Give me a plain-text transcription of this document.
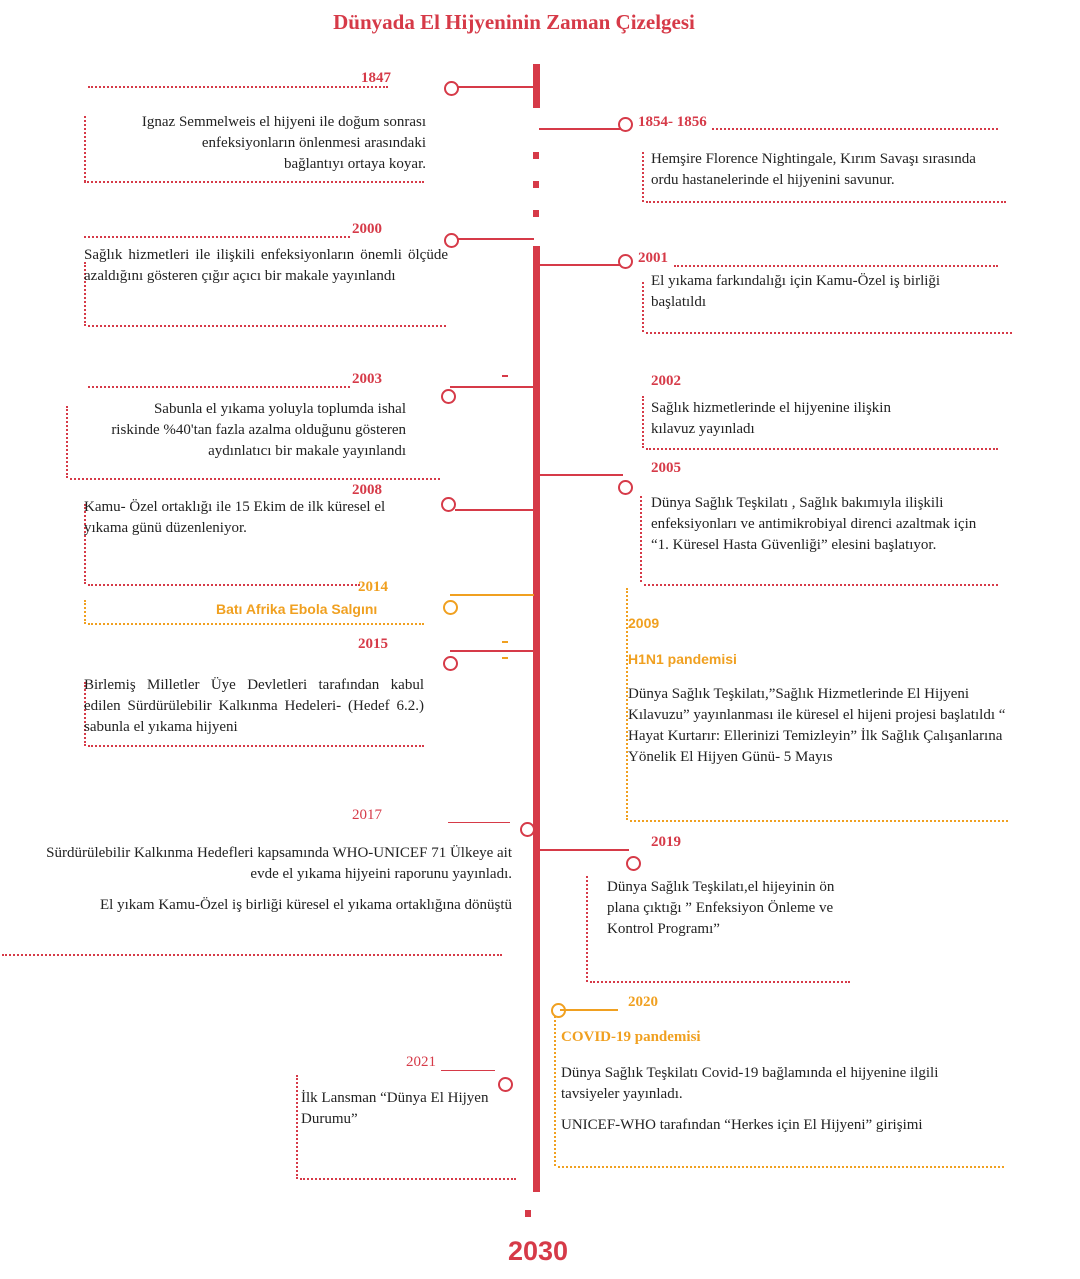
Dünyada El Hijyeninin Zaman Çizelgesi
2030
1847
Ignaz Semmelweis el hijyeni ile doğum sonrası enfeksiyonların önlenmesi arasındaki bağlantıyı ortaya koyar.
1854- 1856
Hemşire Florence Nightingale, Kırım Savaşı sırasında ordu hastanelerinde el hijyenini savunur.
2000
Sağlık hizmetleri ile ilişkili enfeksiyonların önemli ölçüde azaldığını gösteren çığır açıcı bir makale yayınlandı
2001
El yıkama farkındalığı için Kamu-Özel iş birliği başlatıldı
2003
Sabunla el yıkama yoluyla toplumda ishal riskinde %40'tan fazla azalma olduğunu gösteren aydınlatıcı bir makale yayınlandı
2002
Sağlık hizmetlerinde el hijyenine ilişkin kılavuz yayınladı
2005
Dünya Sağlık Teşkilatı , Sağlık bakımıyla ilişkili enfeksiyonları ve antimikrobiyal direnci azaltmak için “1. Küresel Hasta Güvenliği” elesini başlatıyor.
2008
Kamu- Özel ortaklığı ile 15 Ekim de ilk küresel el yıkama günü düzenleniyor.
2014
Batı Afrika Ebola Salgını
2009
H1N1 pandemisi
Dünya Sağlık Teşkilatı,”Sağlık Hizmetlerinde El Hijyeni Kılavuzu” yayınlanması ile küresel el hijeni projesi başlatıldı “ Hayat Kurtarır: Ellerinizi Temizleyin” İlk Sağlık Çalışanlarına Yönelik El Hijyen Günü- 5 Mayıs
2015
Birlemiş Milletler Üye Devletleri tarafından kabul edilen Sürdürülebilir Kalkınma Hedeleri- (Hedef 6.2.) sabunla el yıkama hijyeni
2017

Sürdürülebilir Kalkınma Hedefleri kapsamında WHO-UNICEF 71 Ülkeye ait evde el yıkama hijyeini raporunu yayınladı.

El yıkam Kamu-Özel iş birliği küresel el yıkama ortaklığına dönüştü

2019
Dünya Sağlık Teşkilatı,el hijeyinin ön plana çıktığı ” Enfeksiyon Önleme ve Kontrol Programı”
2020
COVID-19 pandemisi

Dünya Sağlık Teşkilatı Covid-19 bağlamında el hijyenine ilgili tavsiyeler yayınladı.

UNICEF-WHO tarafından “Herkes için El Hijyeni” girişimi

2021
İlk Lansman “Dünya El Hijyen Durumu”
